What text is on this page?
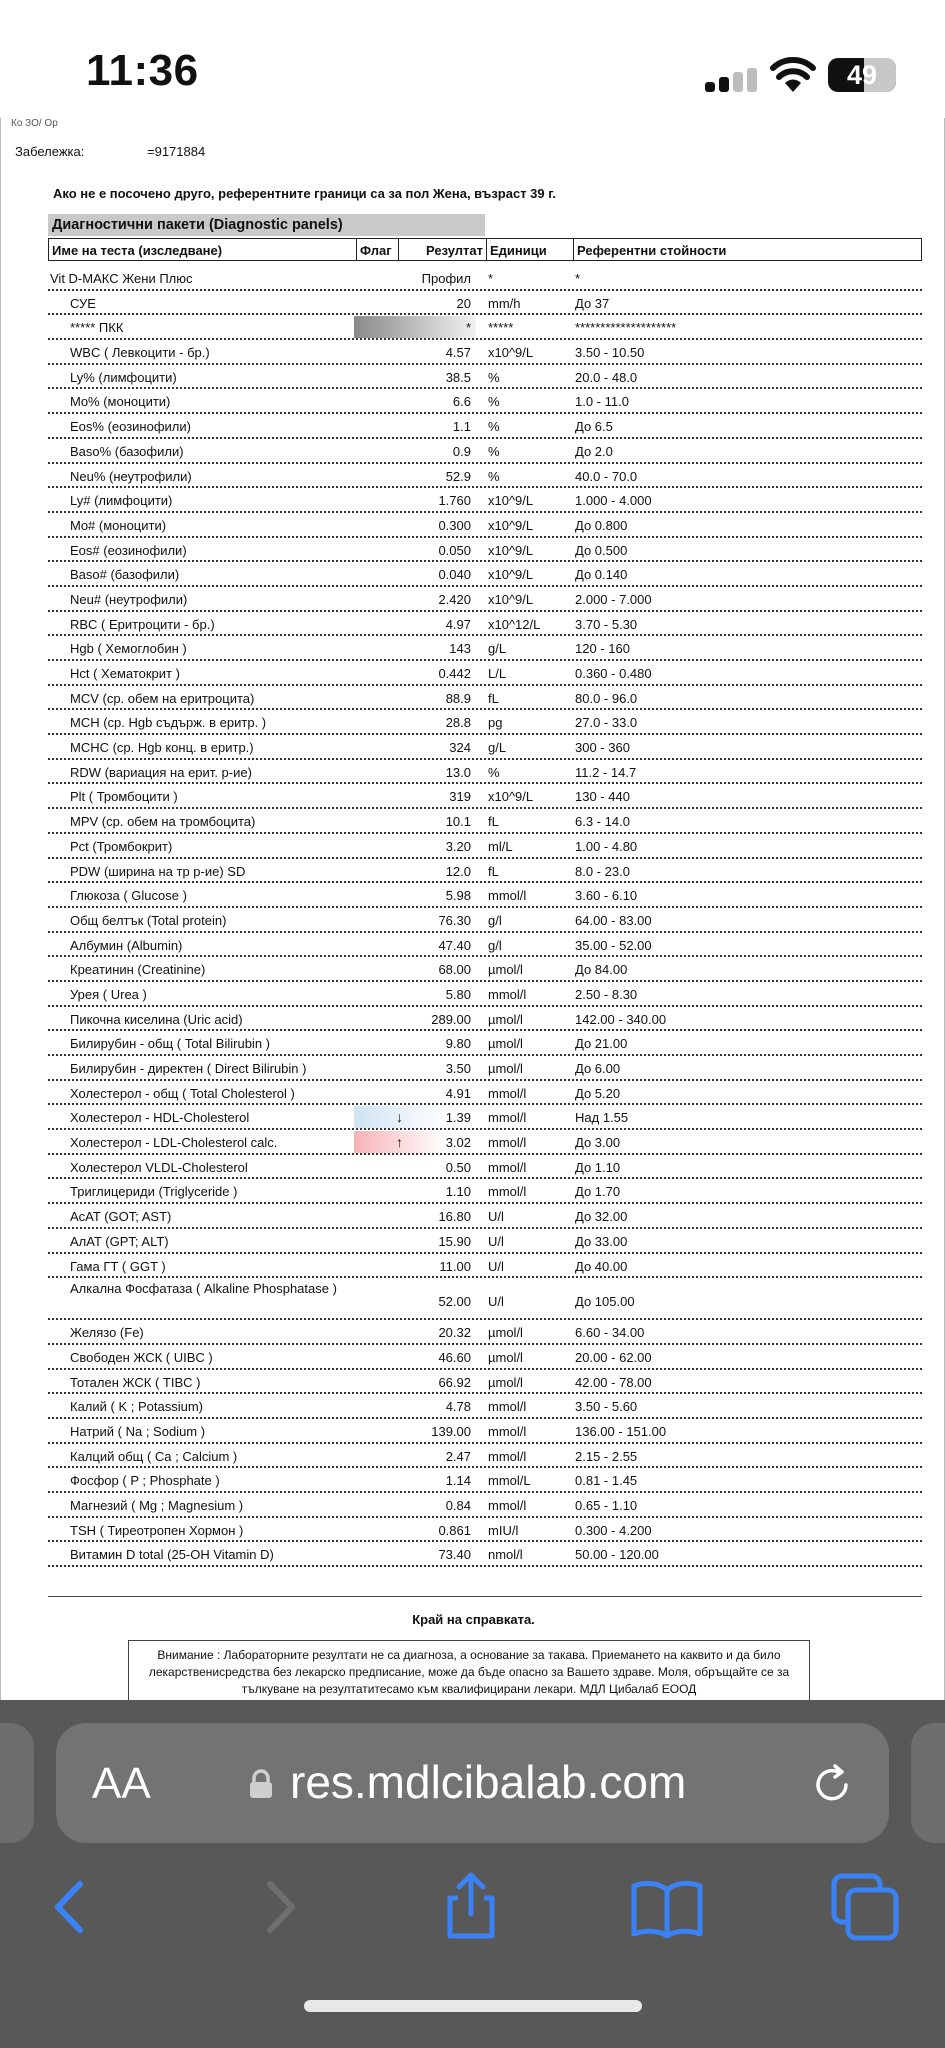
11:36	49
Ко ЗО/ Ор
Забележка:	=9171884
Ако не е посочено друго, референтните граници са за пол Жена, възраст 39 г.
Диагностични пакети (Diagnostic panels)
Име на теста (изследване)	Флаг	Резултат Единици	Референтни стойности
Vit D-МАКС Жени Плюс	Профил *	*
СУЕ	20 mm/h	До 37
***** ПКК	* *****	********************
WBC ( Левкоцити - бр.)	4.57 x10^9/L	3.50 - 10.50
Ly% (лимфоцити)	38.5 %	20.0 - 48.0
Mo% (моноцити)	6.6 %	1.0 - 11.0
Eos% (еозинофили)	1.1 %	До 6.5
Baso% (базофили)	0.9 %	До 2.0
Neu% (неутрофили)	52.9 %	40.0 - 70.0
Ly# (лимфоцити)	1.760 x10^9/L	1.000 - 4.000
Mo# (моноцити)	0.300 x10^9/L	До 0.800
Eos# (еозинофили)	0.050 x10^9/L	До 0.500
Baso# (базофили)	0.040 x10^9/L	До 0.140
Neu# (неутрофили)	2.420 x10^9/L	2.000 - 7.000
RBC ( Еритроцити - бр.)	4.97 x10^12/L	3.70 - 5.30
Hgb ( Хемоглобин )	143 g/L	120 - 160
Hct ( Хематокрит )	0.442 L/L	0.360 - 0.480
MCV (ср. обем на еритроцита)	88.9 fL	80.0 - 96.0
MCH (ср. Hgb съдърж. в еритр. )	28.8 pg	27.0 - 33.0
MCHC (ср. Hgb конц. в еритр.)	324 g/L	300 - 360
RDW (вариация на ерит. р-ие)	13.0 %	11.2 - 14.7
Plt ( Тромбоцити )	319 x10^9/L	130 - 440
MPV (ср. обем на тромбоцита)	10.1 fL	6.3 - 14.0
Pct (Тромбокрит)	3.20 ml/L	1.00 - 4.80
PDW (ширина на тр р-ие) SD	12.0 fL	8.0 - 23.0
Глюкоза ( Glucose )	5.98 mmol/l	3.60 - 6.10
Общ белтък (Total protein)	76.30 g/l	64.00 - 83.00
Албумин (Albumin)	47.40 g/l	35.00 - 52.00
Креатинин (Creatinine)	68.00 µmol/l	До 84.00
Урея ( Urea )	5.80 mmol/l	2.50 - 8.30
Пикочна киселина (Uric acid)	289.00 µmol/l	142.00 - 340.00
Билирубин - общ ( Total Bilirubin )	9.80 µmol/l	До 21.00
Билирубин - директен ( Direct Bilirubin )	3.50 µmol/l	До 6.00
Холестерол - общ ( Total Cholesterol )	4.91 mmol/l	До 5.20
↓
Холестерол - HDL-Cholesterol	1.39 mmol/l	Над 1.55
↑
Холестерол - LDL-Cholesterol calc.	3.02 mmol/l	До 3.00
Холестерол VLDL-Cholesterol	0.50 mmol/l	До 1.10
Триглицериди (Triglyceride )	1.10 mmol/l	До 1.70
AcAT (GOT; AST)	16.80 U/l	До 32.00
AлAT (GPT; ALT)	15.90 U/l	До 33.00
Гама ГТ ( GGT )	11.00 U/l	До 40.00
Алкална Фосфатаза ( Alkaline Phosphatase )
52.00 U/l	До 105.00
Желязо (Fe)	20.32 µmol/l	6.60 - 34.00
Свободен ЖСК ( UIBC )	46.60 µmol/l	20.00 - 62.00
Тотален ЖСК ( TIBC )	66.92 µmol/l	42.00 - 78.00
Калий ( K ; Potassium)	4.78 mmol/l	3.50 - 5.60
Натрий ( Na ; Sodium )	139.00 mmol/l	136.00 - 151.00
Калций общ ( Ca ; Calcium )	2.47 mmol/l	2.15 - 2.55
Фосфор ( P ; Phosphate )	1.14 mmol/L	0.81 - 1.45
Магнезий ( Mg ; Magnesium )	0.84 mmol/l	0.65 - 1.10
TSH ( Тиреотропен Хормон )	0.861 mIU/l	0.300 - 4.200
Витамин D total (25-OH Vitamin D)	73.40 nmol/l	50.00 - 120.00
Край на справката.
Внимание : Лабораторните резултати не са диагноза, а основание за такава. Приемането на каквито и да било лекарственисредства без лекарско предписание, може да бъде опасно за Вашето здраве. Моля, обръщайте се за тълкуване на резултатитесамо към квалифицирани лекари. МДЛ Цибалаб ЕООД
AA	res.mdlcibalab.com
